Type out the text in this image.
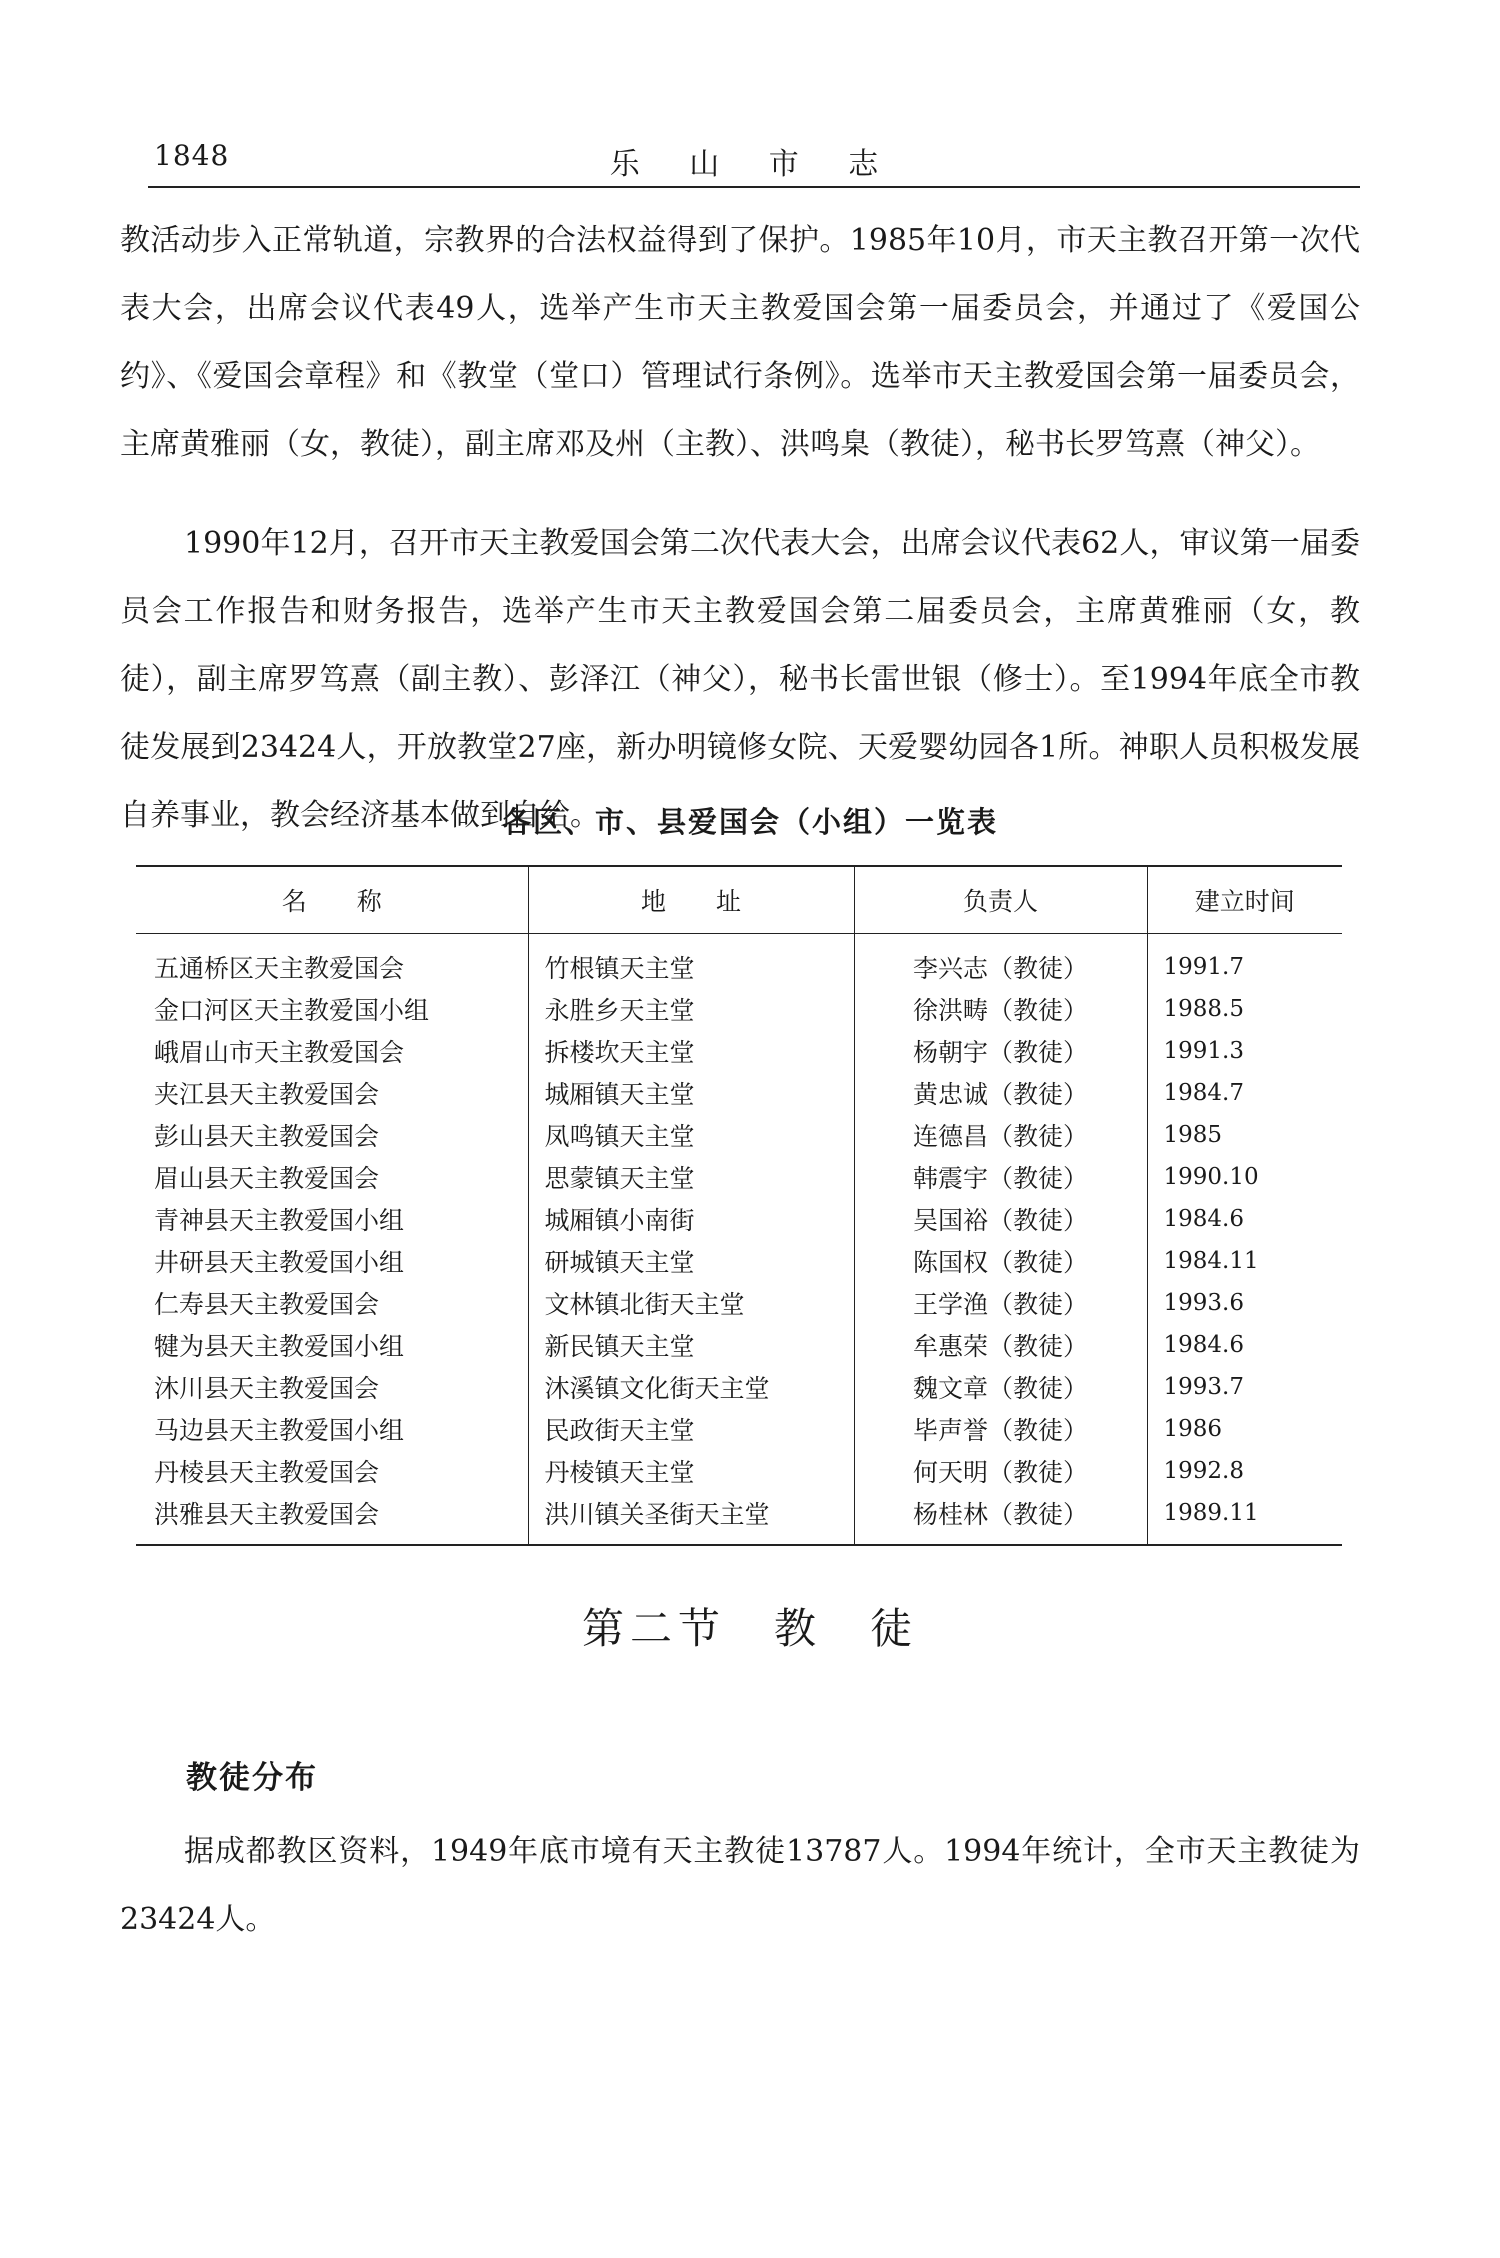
1848	乐 山 市 志

教活动步入正常轨道，宗教界的合法权益得到了保护。1985年10月，市天主教召开第一次代表大会，出席会议代表49人，选举产生市天主教爱国会第一届委员会，并通过了《爱国公约》、《爱国会章程》和《教堂（堂口）管理试行条例》。选举市天主教爱国会第一届委员会，主席黄雅丽（女，教徒），副主席邓及州（主教）、洪鸣臬（教徒），秘书长罗笃熹（神父）。

1990年12月，召开市天主教爱国会第二次代表大会，出席会议代表62人，审议第一届委员会工作报告和财务报告，选举产生市天主教爱国会第二届委员会，主席黄雅丽（女，教徒），副主席罗笃熹（副主教）、彭泽江（神父），秘书长雷世银（修士）。至1994年底全市教徒发展到23424人，开放教堂27座，新办明镜修女院、天爱婴幼园各1所。神职人员积极发展自养事业，教会经济基本做到自给。

各区、市、县爱国会（小组）一览表
名　　称	地　　址	负责人	建立时间
五通桥区天主教爱国会	竹根镇天主堂	李兴志（教徒）	1991.7
金口河区天主教爱国小组	永胜乡天主堂	徐洪畴（教徒）	1988.5
峨眉山市天主教爱国会	拆楼坎天主堂	杨朝宇（教徒）	1991.3
夹江县天主教爱国会	城厢镇天主堂	黄忠诚（教徒）	1984.7
彭山县天主教爱国会	凤鸣镇天主堂	连德昌（教徒）	1985
眉山县天主教爱国会	思蒙镇天主堂	韩震宇（教徒）	1990.10
青神县天主教爱国小组	城厢镇小南街	吴国裕（教徒）	1984.6
井研县天主教爱国小组	研城镇天主堂	陈国权（教徒）	1984.11
仁寿县天主教爱国会	文林镇北街天主堂	王学渔（教徒）	1993.6
犍为县天主教爱国小组	新民镇天主堂	牟惠荣（教徒）	1984.6
沐川县天主教爱国会	沐溪镇文化街天主堂	魏文章（教徒）	1993.7
马边县天主教爱国小组	民政街天主堂	毕声誉（教徒）	1986
丹棱县天主教爱国会	丹棱镇天主堂	何天明（教徒）	1992.8
洪雅县天主教爱国会	洪川镇关圣街天主堂	杨桂林（教徒）	1989.11
第二节　教　徒
教徒分布

据成都教区资料，1949年底市境有天主教徒13787人。1994年统计，全市天主教徒为23424人。
